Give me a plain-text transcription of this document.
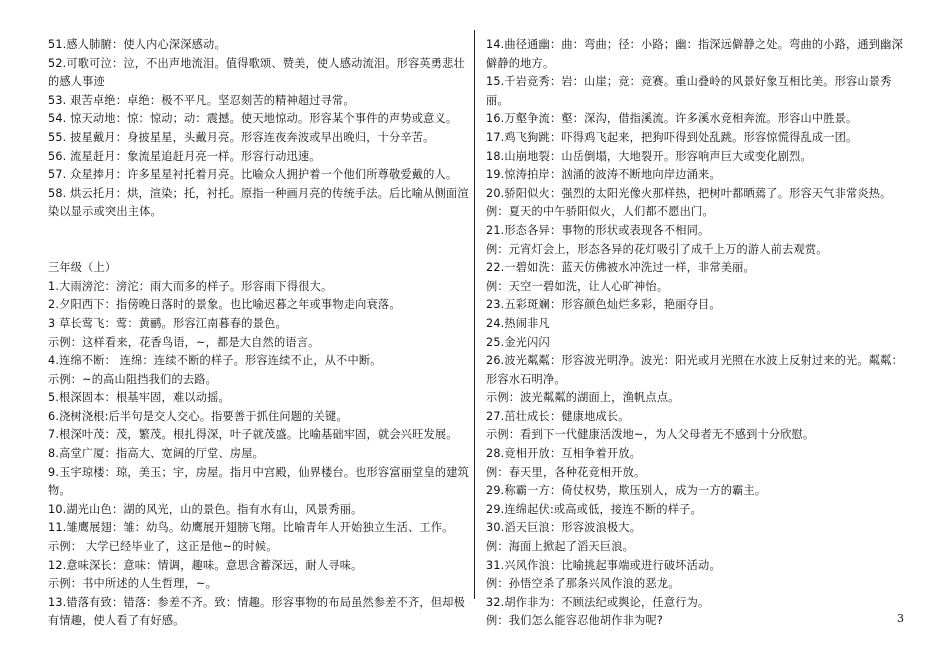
51.感人肺腑：使人内心深深感动。
52.可歌可泣：泣，不出声地流泪。值得歌颂、赞美，使人感动流泪。形容英勇悲壮的感人事迹
53. 艰苦卓绝：卓绝：极不平凡。坚忍刻苦的精神超过寻常。
54. 惊天动地：惊：惊动；动：震撼。使天地惊动。形容某个事件的声势或意义。
55. 披星戴月：身披星星，头戴月亮。形容连夜奔波或早出晚归，十分辛苦。
56. 流星赶月：象流星追赶月亮一样。形容行动迅速。
57. 众星捧月：许多星星衬托着月亮。比喻众人拥护着一个他们所尊敬爱戴的人。
58. 烘云托月：烘，渲染；托，衬托。原指一种画月亮的传统手法。后比喻从侧面渲染以显示或突出主体。
三年级（上）
1.大雨滂沱：滂沱：雨大而多的样子。形容雨下得很大。
2.夕阳西下：指傍晚日落时的景象。也比喻迟暮之年或事物走向衰落。
3 草长莺飞：莺：黄鹂。形容江南暮春的景色。
示例：这样看来，花香鸟语，~，都是大自然的语言。
4.连绵不断： 连绵：连续不断的样子。形容连续不止，从不中断。
示例：~的高山阻挡我们的去路。
5.根深固本：根基牢固，难以动摇。
6.浇树浇根:后半句是交人交心。指要善于抓住问题的关键。
7.根深叶茂：茂，繁茂。根扎得深，叶子就茂盛。比喻基础牢固，就会兴旺发展。
8.高堂广厦：指高大、宽阔的厅堂、房屋。
9.玉宇琼楼：琼，美玉；宇，房屋。指月中宫殿，仙界楼台。也形容富丽堂皇的建筑物。
10.湖光山色：湖的风光，山的景色。指有水有山，风景秀丽。
11.雏鹰展翅：雏：幼鸟。幼鹰展开翅膀飞翔。比喻青年人开始独立生活、工作。
示例： 大学已经毕业了，这正是他~的时候。
12.意味深长：意味：情调，趣味。意思含蓄深远，耐人寻味。
示例：书中所述的人生哲理，~。
13.错落有致：错落：参差不齐。致：情趣。形容事物的布局虽然参差不齐，但却极有情趣，使人看了有好感。
14.曲径通幽：曲：弯曲；径：小路；幽：指深远僻静之处。弯曲的小路，通到幽深僻静的地方。
15.千岩竞秀：岩：山崖；竞：竞赛。重山叠岭的风景好象互相比美。形容山景秀丽。
16.万壑争流：壑：深沟，借指溪流。许多溪水竞相奔流。形容山中胜景。
17.鸡飞狗跳：吓得鸡飞起来，把狗吓得到处乱跳。形容惊慌得乱成一团。
18.山崩地裂：山岳倒塌，大地裂开。形容响声巨大或变化剧烈。
19.惊涛拍岸：汹涌的波涛不断地向岸边涌来。
20.骄阳似火：强烈的太阳光像火那样热，把树叶都晒蔫了。形容天气非常炎热。
例：夏天的中午骄阳似火，人们都不愿出门。
21.形态各异：事物的形状或表现各不相同。
例：元宵灯会上，形态各异的花灯吸引了成千上万的游人前去观赏。
22.一碧如洗：蓝天仿佛被水冲洗过一样，非常美丽。
例：天空一碧如洗，让人心旷神怡。
23.五彩斑斓：形容颜色灿烂多彩，艳丽夺目。
24.热闹非凡
25.金光闪闪
26.波光粼粼：形容波光明净。波光：阳光或月光照在水波上反射过来的光。粼粼：形容水石明净。
示例：波光粼粼的湖面上，渔帆点点。
27.茁壮成长：健康地成长。
示例：看到下一代健康活泼地~，为人父母者无不感到十分欣慰。
28.竞相开放：互相争着开放。
例：春天里，各种花竞相开放。
29.称霸一方：倚仗权势，欺压别人，成为一方的霸主。
29.连绵起伏:或高或低，接连不断的样子。
30.滔天巨浪：形容波浪极大。
例：海面上掀起了滔天巨浪。
31.兴风作浪：比喻挑起事端或进行破坏活动。
例：孙悟空杀了那条兴风作浪的恶龙。
32.胡作非为：不顾法纪或舆论，任意行为。
例：我们怎么能容忍他胡作非为呢?	3
